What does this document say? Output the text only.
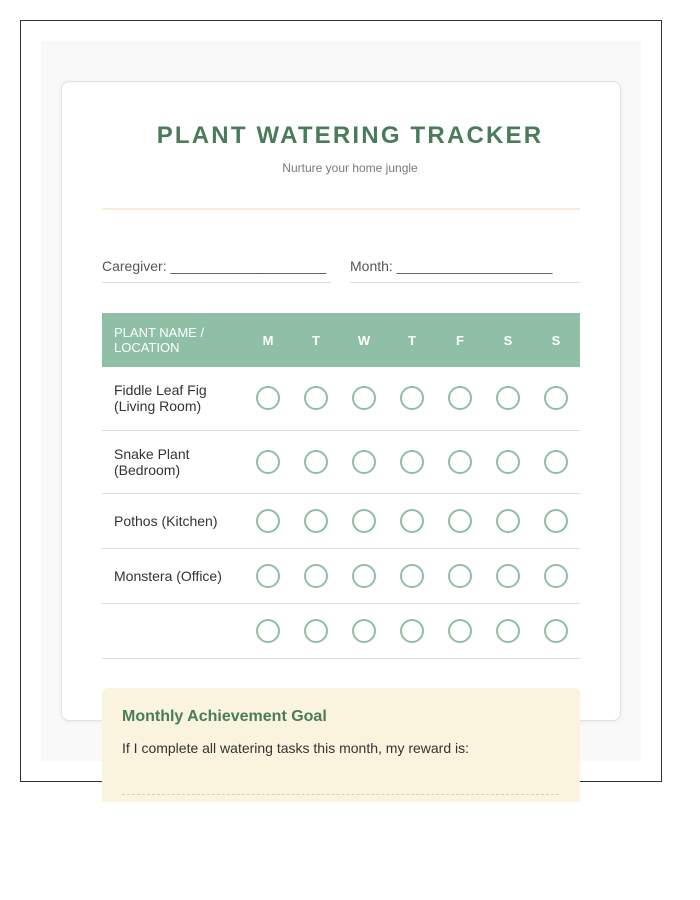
PLANT WATERING TRACKER
Nurture your home jungle
Caregiver: ____________________	Month: ____________________
PLANT NAME / LOCATION	M	T	W	T	F	S	S
Fiddle Leaf Fig (Living Room)							
Snake Plant (Bedroom)							
Pothos (Kitchen)							
Monstera (Office)							

Monthly Achievement Goal
If I complete all watering tasks this month, my reward is:
